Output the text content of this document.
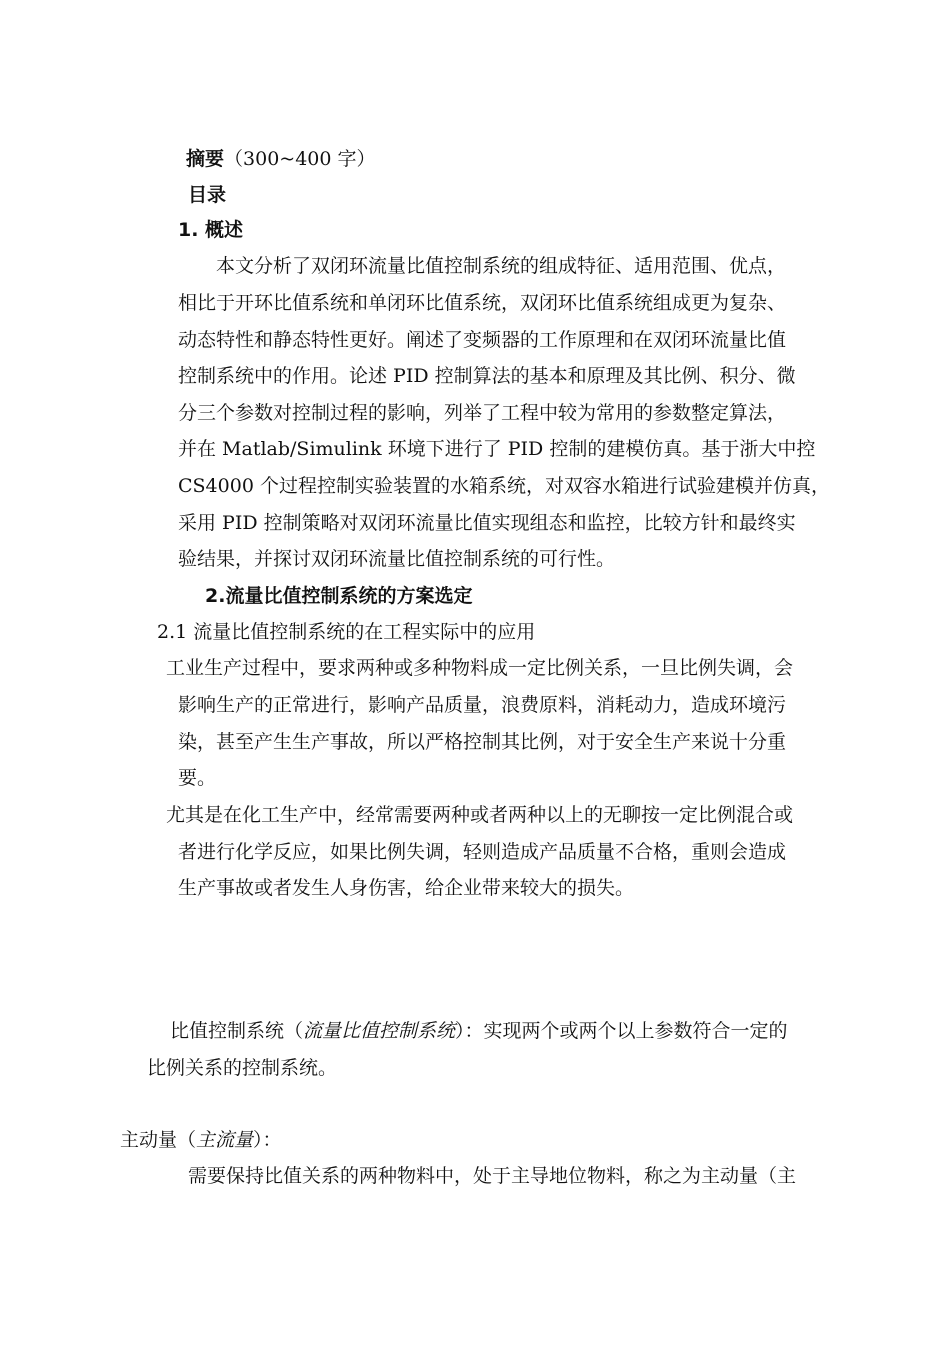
摘要（300~400 字）

目录

1. 概述

本文分析了双闭环流量比值控制系统的组成特征、适用范围、优点，

相比于开环比值系统和单闭环比值系统，双闭环比值系统组成更为复杂、

动态特性和静态特性更好。阐述了变频器的工作原理和在双闭环流量比值

控制系统中的作用。论述 PID 控制算法的基本和原理及其比例、积分、微

分三个参数对控制过程的影响，列举了工程中较为常用的参数整定算法，

并在 Matlab/Simulink 环境下进行了 PID 控制的建模仿真。基于浙大中控

CS4000 个过程控制实验装置的水箱系统，对双容水箱进行试验建模并仿真，

采用 PID 控制策略对双闭环流量比值实现组态和监控，比较方针和最终实

验结果，并探讨双闭环流量比值控制系统的可行性。

2.流量比值控制系统的方案选定

2.1 流量比值控制系统的在工程实际中的应用

工业生产过程中，要求两种或多种物料成一定比例关系，一旦比例失调，会

影响生产的正常进行，影响产品质量，浪费原料，消耗动力，造成环境污

染，甚至产生生产事故，所以严格控制其比例，对于安全生产来说十分重

要。

尤其是在化工生产中，经常需要两种或者两种以上的无聊按一定比例混合或

者进行化学反应，如果比例失调，轻则造成产品质量不合格，重则会造成

生产事故或者发生人身伤害，给企业带来较大的损失。

比值控制系统（流量比值控制系统）：实现两个或两个以上参数符合一定的

比例关系的控制系统。

主动量（主流量）：

需要保持比值关系的两种物料中，处于主导地位物料，称之为主动量（主
